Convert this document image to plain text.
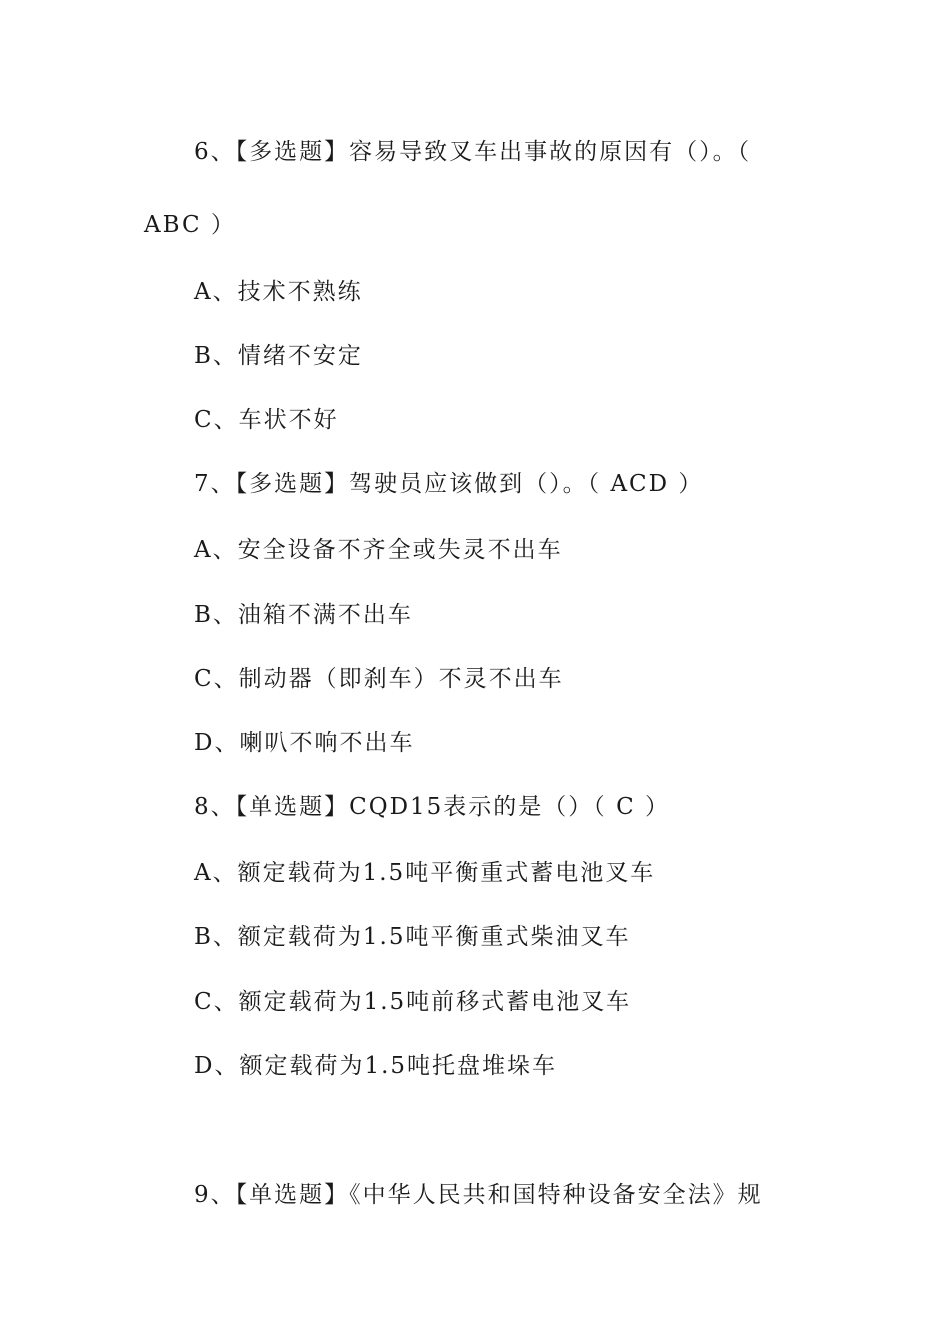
6、【多选题】容易导致叉车出事故的原因有（）。（
ABC ）
A、技术不熟练
B、情绪不安定
C、车状不好
7、【多选题】驾驶员应该做到（）。（ ACD ）
A、安全设备不齐全或失灵不出车
B、油箱不满不出车
C、制动器（即刹车）不灵不出车
D、喇叭不响不出车
8、【单选题】CQD15表示的是（）（ C ）
A、额定载荷为1.5吨平衡重式蓄电池叉车
B、额定载荷为1.5吨平衡重式柴油叉车
C、额定载荷为1.5吨前移式蓄电池叉车
D、额定载荷为1.5吨托盘堆垛车
9、【单选题】《中华人民共和国特种设备安全法》规
